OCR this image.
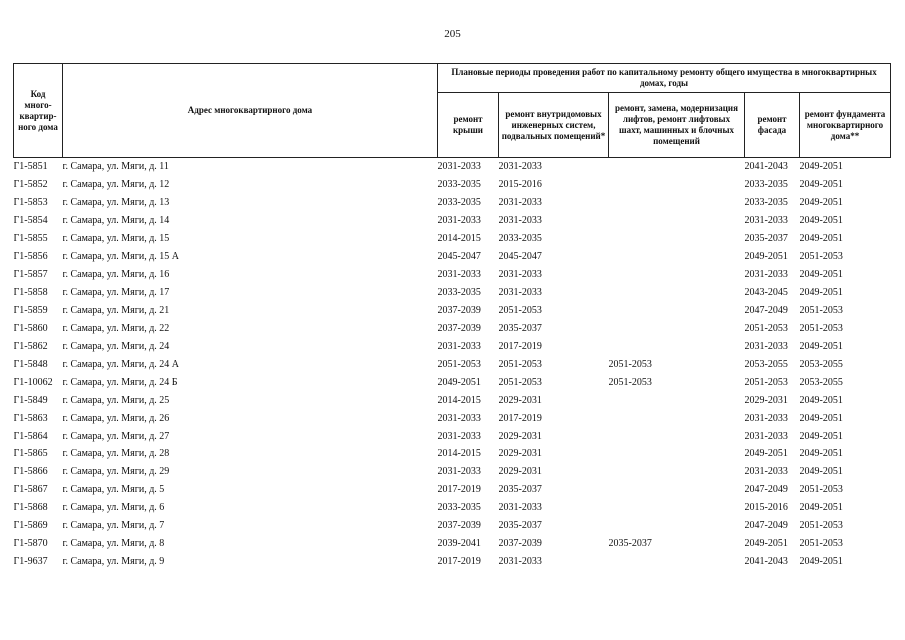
205
Код много-квартир-ного дома	Адрес многоквартирного дома	Плановые периоды проведения работ по капитальному ремонту общего имущества в многоквартирных домах, годы				
		ремонт крыши	ремонт внутридомовых инженерных систем, подвальных помещений*	ремонт, замена, модернизация лифтов, ремонт лифтовых шахт, машинных и блочных помещений	ремонт фасада	ремонт фундамента многоквартирного дома**
Г1-5851	г. Самара, ул. Мяги, д. 11	2031-2033	2031-2033		2041-2043	2049-2051
Г1-5852	г. Самара, ул. Мяги, д. 12	2033-2035	2015-2016		2033-2035	2049-2051
Г1-5853	г. Самара, ул. Мяги, д. 13	2033-2035	2031-2033		2033-2035	2049-2051
Г1-5854	г. Самара, ул. Мяги, д. 14	2031-2033	2031-2033		2031-2033	2049-2051
Г1-5855	г. Самара, ул. Мяги, д. 15	2014-2015	2033-2035		2035-2037	2049-2051
Г1-5856	г. Самара, ул. Мяги, д. 15 А	2045-2047	2045-2047		2049-2051	2051-2053
Г1-5857	г. Самара, ул. Мяги, д. 16	2031-2033	2031-2033		2031-2033	2049-2051
Г1-5858	г. Самара, ул. Мяги, д. 17	2033-2035	2031-2033		2043-2045	2049-2051
Г1-5859	г. Самара, ул. Мяги, д. 21	2037-2039	2051-2053		2047-2049	2051-2053
Г1-5860	г. Самара, ул. Мяги, д. 22	2037-2039	2035-2037		2051-2053	2051-2053
Г1-5862	г. Самара, ул. Мяги, д. 24	2031-2033	2017-2019		2031-2033	2049-2051
Г1-5848	г. Самара, ул. Мяги, д. 24 А	2051-2053	2051-2053	2051-2053	2053-2055	2053-2055
Г1-10062	г. Самара, ул. Мяги, д. 24 Б	2049-2051	2051-2053	2051-2053	2051-2053	2053-2055
Г1-5849	г. Самара, ул. Мяги, д. 25	2014-2015	2029-2031		2029-2031	2049-2051
Г1-5863	г. Самара, ул. Мяги, д. 26	2031-2033	2017-2019		2031-2033	2049-2051
Г1-5864	г. Самара, ул. Мяги, д. 27	2031-2033	2029-2031		2031-2033	2049-2051
Г1-5865	г. Самара, ул. Мяги, д. 28	2014-2015	2029-2031		2049-2051	2049-2051
Г1-5866	г. Самара, ул. Мяги, д. 29	2031-2033	2029-2031		2031-2033	2049-2051
Г1-5867	г. Самара, ул. Мяги, д. 5	2017-2019	2035-2037		2047-2049	2051-2053
Г1-5868	г. Самара, ул. Мяги, д. 6	2033-2035	2031-2033		2015-2016	2049-2051
Г1-5869	г. Самара, ул. Мяги, д. 7	2037-2039	2035-2037		2047-2049	2051-2053
Г1-5870	г. Самара, ул. Мяги, д. 8	2039-2041	2037-2039	2035-2037	2049-2051	2051-2053
Г1-9637	г. Самара, ул. Мяги, д. 9	2017-2019	2031-2033		2041-2043	2049-2051
